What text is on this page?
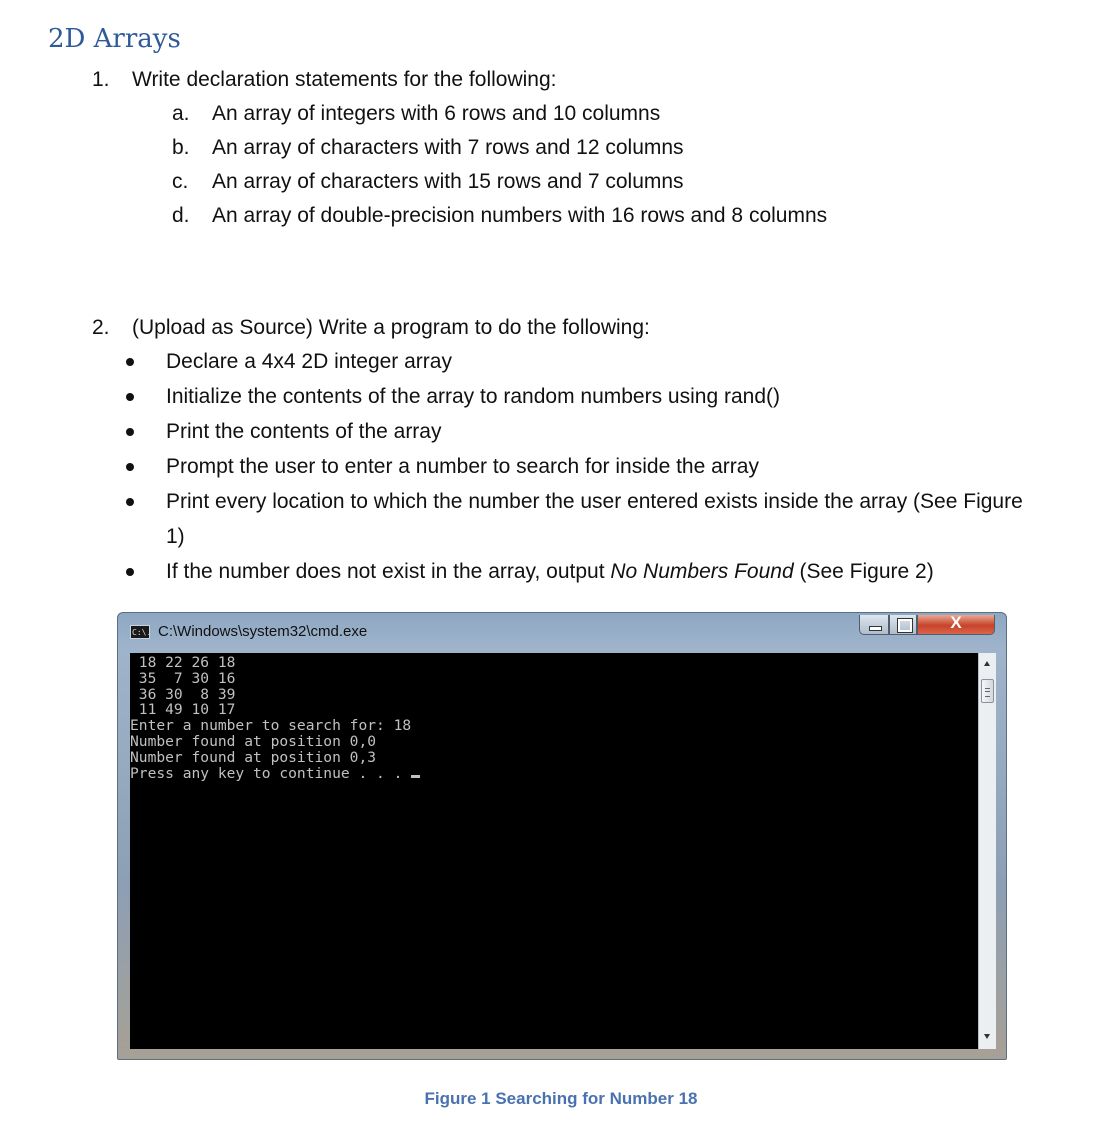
2D Arrays
1. Write declaration statements for the following:
a. An array of integers with 6 rows and 10 columns
b. An array of characters with 7 rows and 12 columns
c. An array of characters with 15 rows and 7 columns
d. An array of double-precision numbers with 16 rows and 8 columns
2. (Upload as Source) Write a program to do the following:
Declare a 4x4 2D integer array
Initialize the contents of the array to random numbers using rand()
Print the contents of the array
Prompt the user to enter a number to search for inside the array
Print every location to which the number the user entered exists inside the array (See Figure
1)
If the number does not exist in the array, output No Numbers Found (See Figure 2)
C:\. C:\Windows\system32\cmd.exe	X
18 22 26 18
35  7 30 16
36 30  8 39
11 49 10 17
Enter a number to search for: 18
Number found at position 0,0
Number found at position 0,3
Press any key to continue . . .
Figure 1 Searching for Number 18
